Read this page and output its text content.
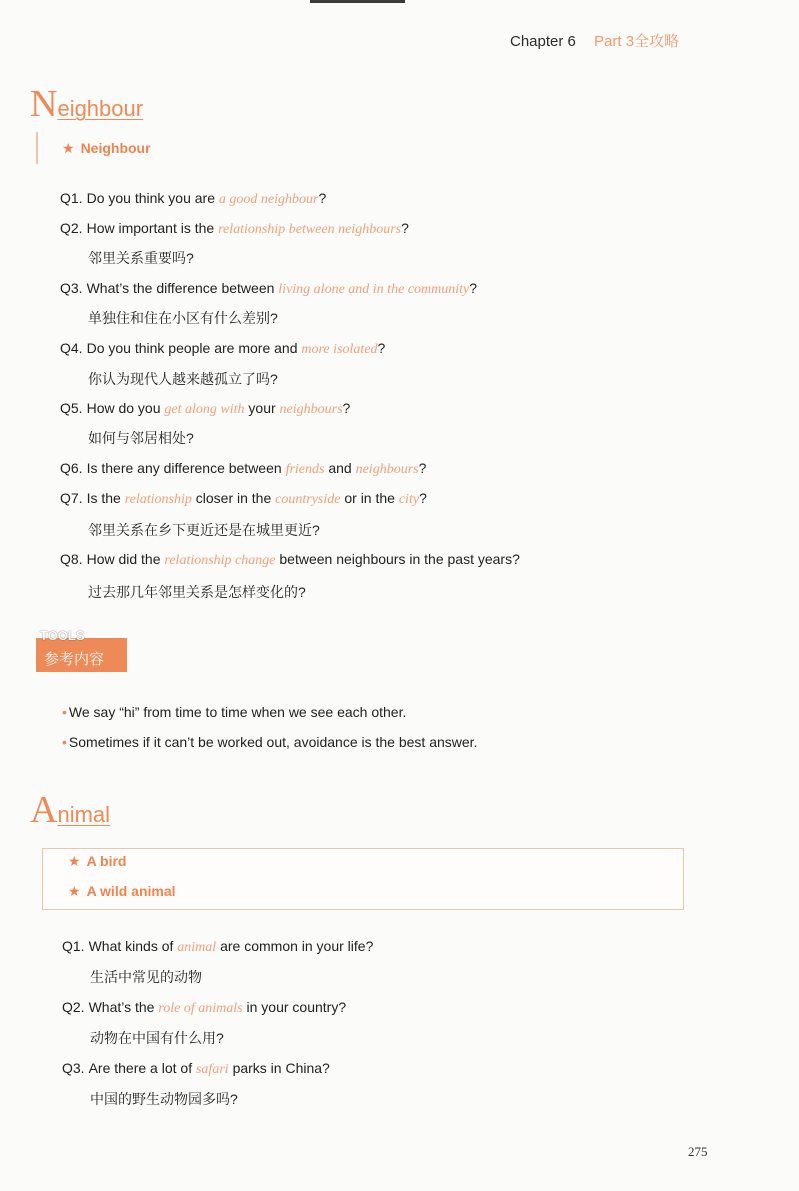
Chapter 6 Part 3全攻略
Neighbour
★ Neighbour
Q1. Do you think you are a good neighbour?
Q2. How important is the relationship between neighbours?
邻里关系重要吗?
Q3. What’s the difference between living alone and in the community?
单独住和住在小区有什么差别?
Q4. Do you think people are more and more isolated?
你认为现代人越来越孤立了吗?
Q5. How do you get along with your neighbours?
如何与邻居相处?
Q6. Is there any difference between friends and neighbours?
Q7. Is the relationship closer in the countryside or in the city?
邻里关系在乡下更近还是在城里更近?
Q8. How did the relationship change between neighbours in the past years?
过去那几年邻里关系是怎样变化的?
TOOLS
参考内容
• We say “hi” from time to time when we see each other.
• Sometimes if it can’t be worked out, avoidance is the best answer.
Animal
★ A bird
★ A wild animal
Q1. What kinds of animal are common in your life?
生活中常见的动物
Q2. What’s the role of animals in your country?
动物在中国有什么用?
Q3. Are there a lot of safari parks in China?
中国的野生动物园多吗?
275
